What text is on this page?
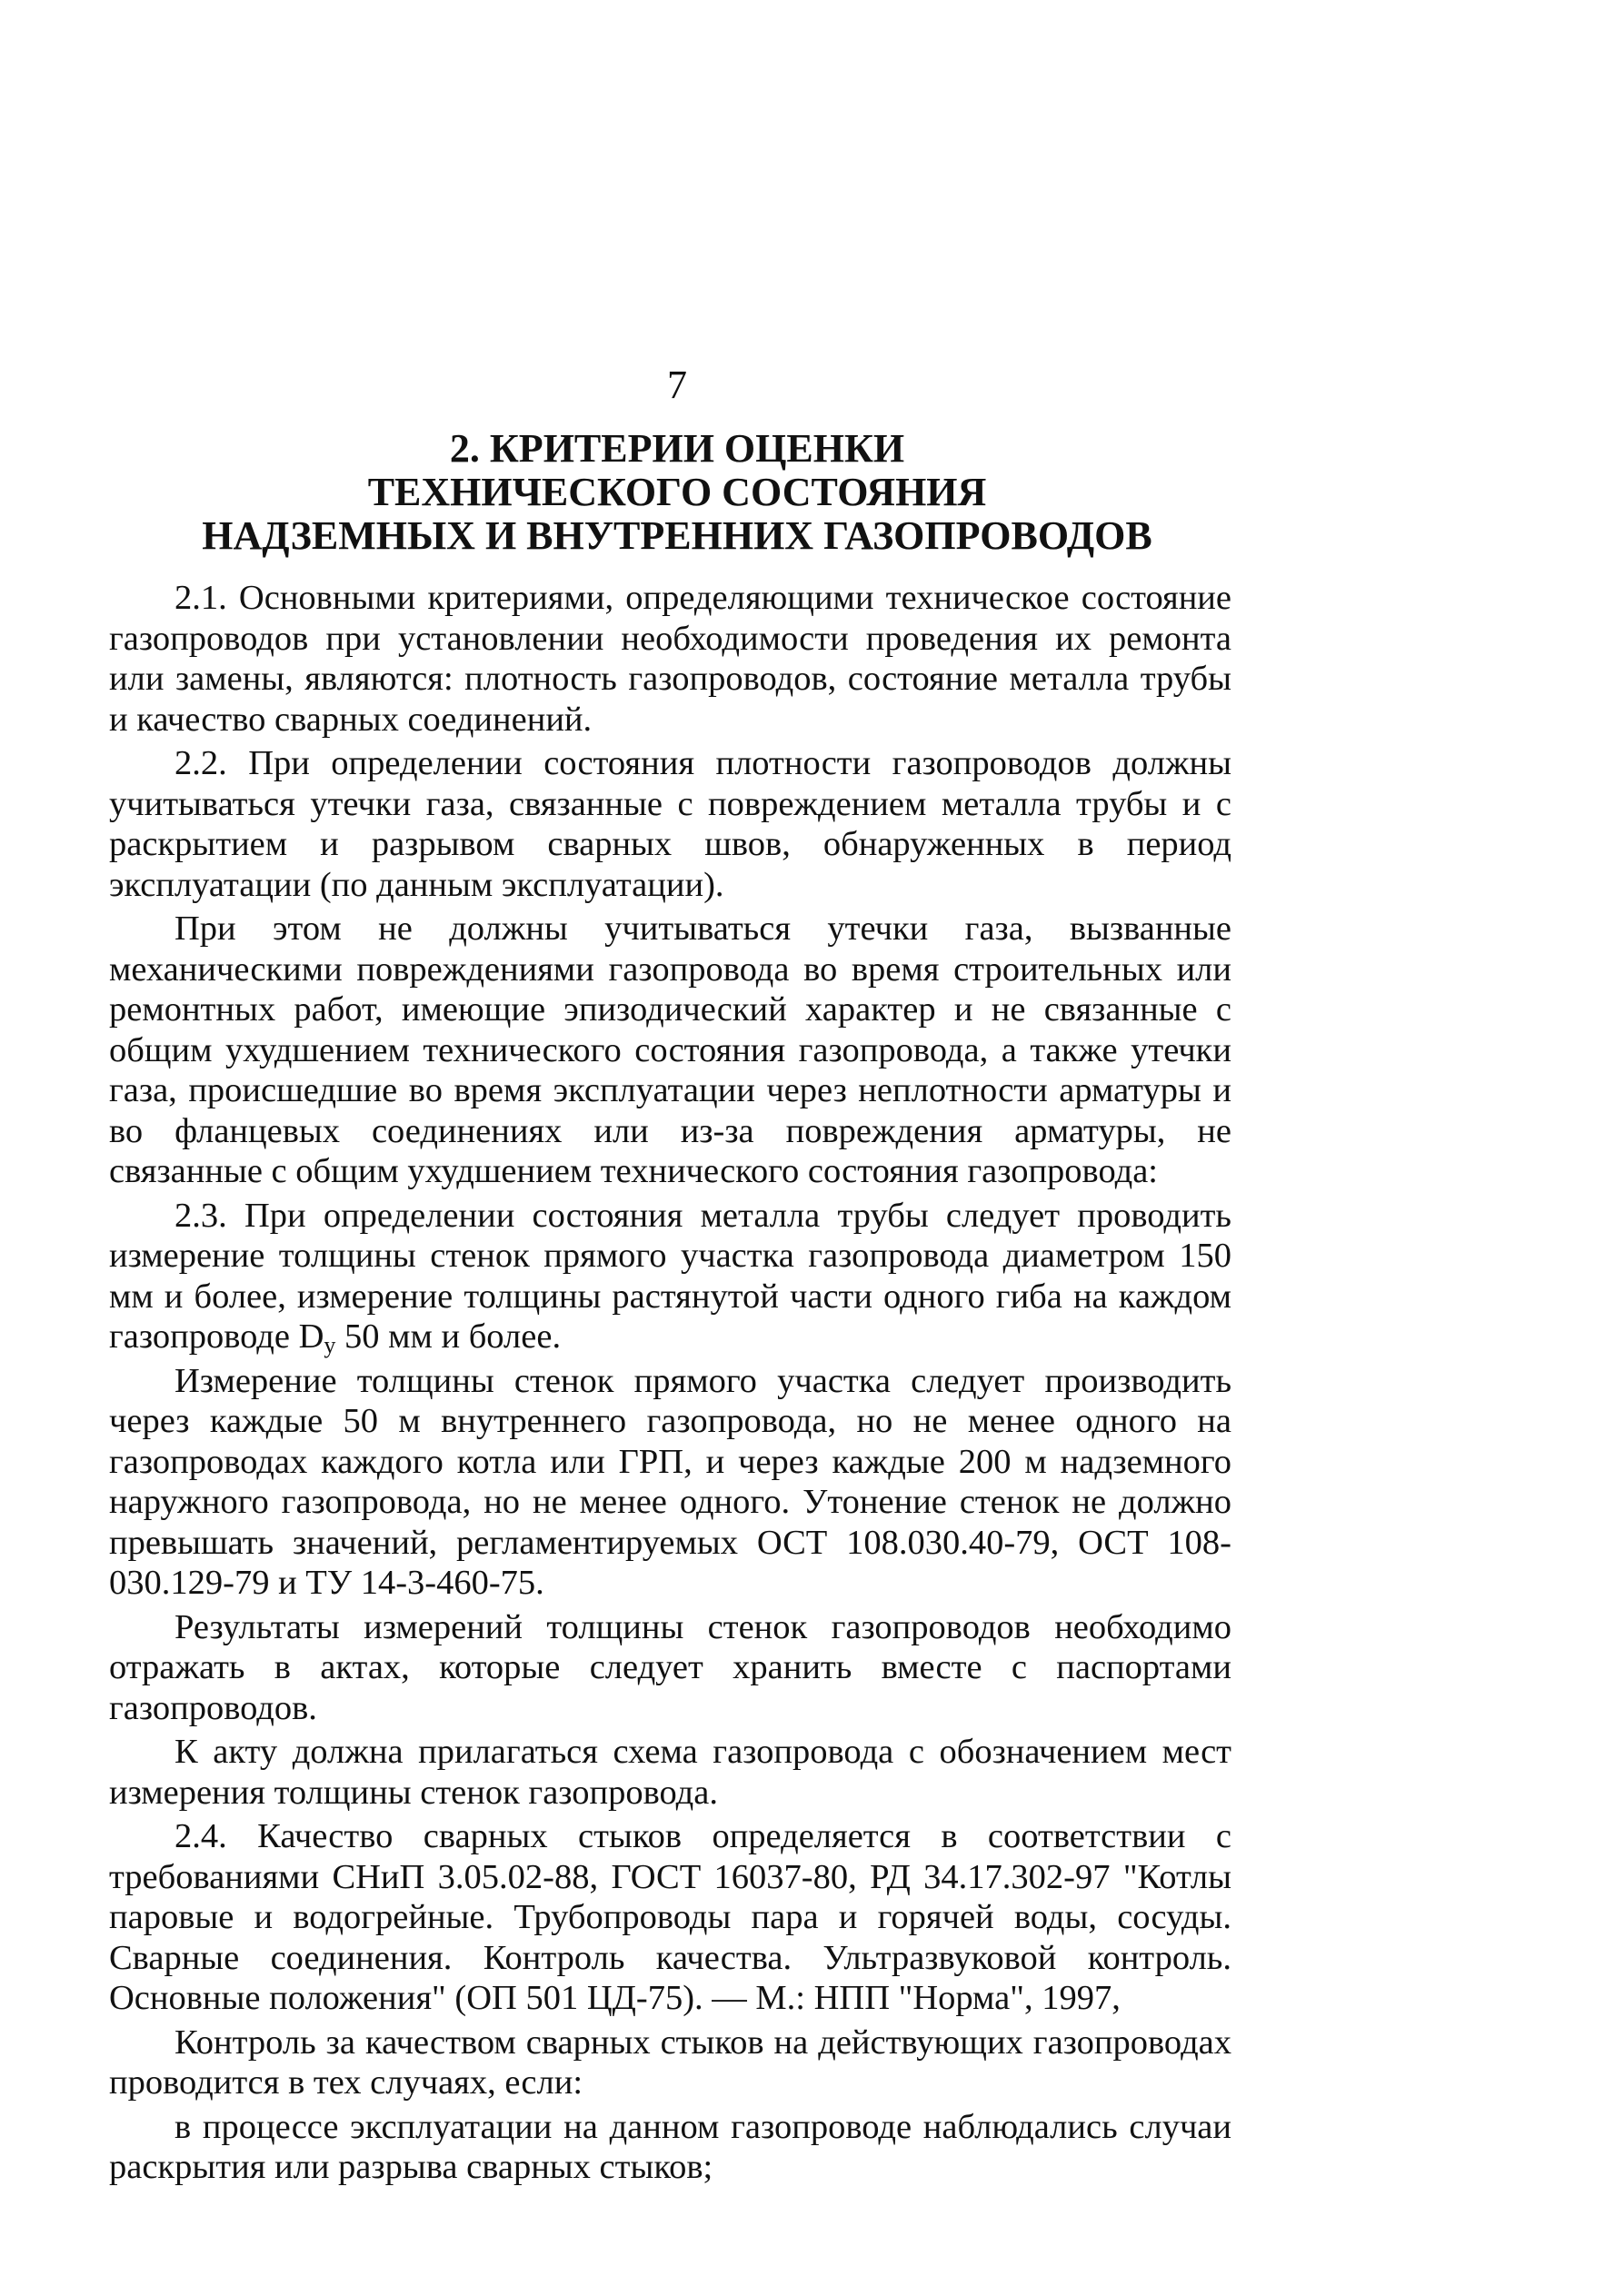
7
2. КРИТЕРИИ ОЦЕНКИ
ТЕХНИЧЕСКОГО СОСТОЯНИЯ
НАДЗЕМНЫХ И ВНУТРЕННИХ ГАЗОПРОВОДОВ

2.1. Основными критериями, определяющими техническое состояние газопроводов при установлении необходимости проведения их ремонта или замены, являются: плотность газопроводов, состояние металла трубы и качество сварных соединений.

2.2. При определении состояния плотности газопроводов должны учитываться утечки газа, связанные с повреждением металла трубы и с раскрытием и разрывом сварных швов, обнаруженных в период эксплуатации (по данным эксплуатации).

При этом не должны учитываться утечки газа, вызванные механическими повреждениями газопровода во время строительных или ремонтных работ, имеющие эпизодический характер и не связанные с общим ухудшением технического состояния газопровода, а также утечки газа, происшедшие во время эксплуатации через неплотности арматуры и во фланцевых соединениях или из-за повреждения арматуры, не связанные с общим ухудшением технического состояния газопровода:

2.3. При определении состояния металла трубы следует проводить измерение толщины стенок прямого участка газопровода диаметром 150 мм и более, измерение толщины растянутой части одного гиба на каждом газопроводе $D_у$ 50 мм и более.

Измерение толщины стенок прямого участка следует производить через каждые 50 м внутреннего газопровода, но не менее одного на газопроводах каждого котла или ГРП, и через каждые 200 м надземного наружного газопровода, но не менее одного. Утонение стенок не должно превышать значений, регламентируемых ОСТ 108.030.40-79, ОСТ 108-030.129-79 и ТУ 14-3-460-75.

Результаты измерений толщины стенок газопроводов необходимо отражать в актах, которые следует хранить вместе с паспортами газопроводов.

К акту должна прилагаться схема газопровода с обозначением мест измерения толщины стенок газопровода.

2.4. Качество сварных стыков определяется в соответствии с требованиями СНиП 3.05.02-88, ГОСТ 16037-80, РД 34.17.302-97 "Котлы паровые и водогрейные. Трубопроводы пара и горячей воды, сосуды. Сварные соединения. Контроль качества. Ультразвуковой контроль. Основные положения" (ОП 501 ЦД-75). — М.: НПП "Норма", 1997,

Контроль за качеством сварных стыков на действующих газопроводах проводится в тех случаях, если:

в процессе эксплуатации на данном газопроводе наблюдались случаи раскрытия или разрыва сварных стыков;
